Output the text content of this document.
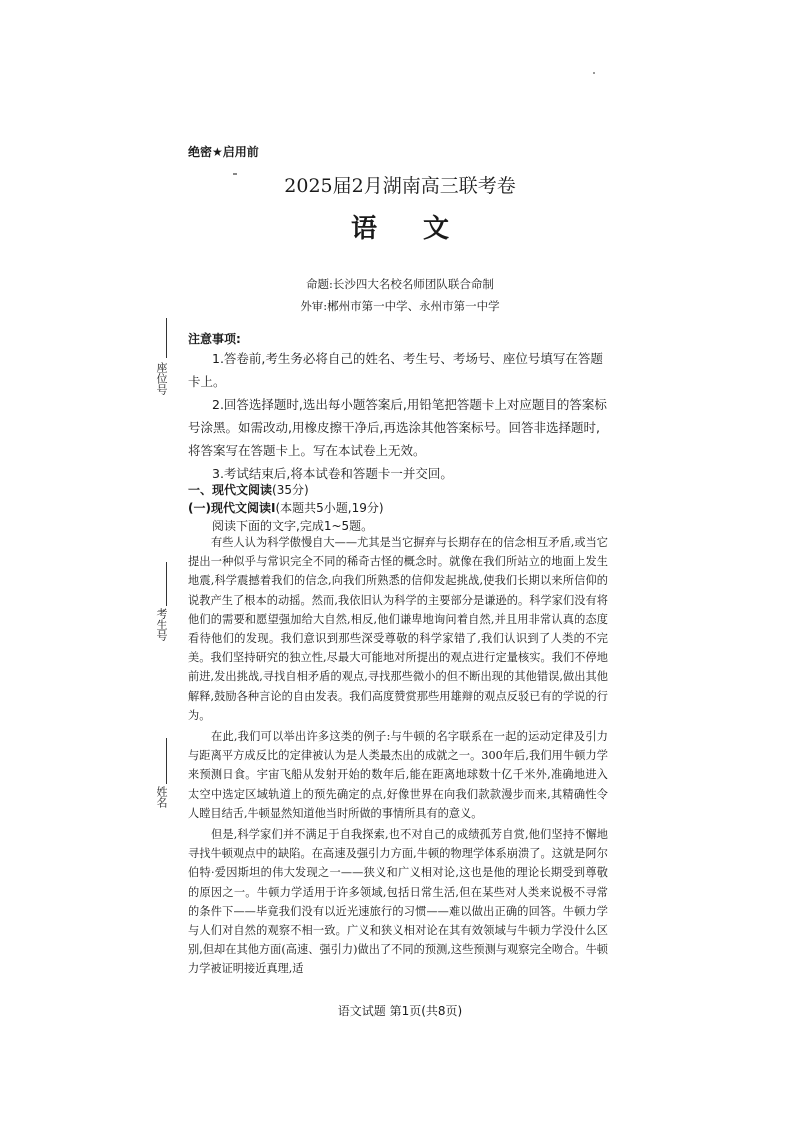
绝密★启用前
2025届2月湖南高三联考卷
语文
命题:长沙四大名校名师团队联合命制
外审:郴州市第一中学、永州市第一中学
注意事项:

1.答卷前,考生务必将自己的姓名、考生号、考场号、座位号填写在答题卡上。

2.回答选择题时,选出每小题答案后,用铅笔把答题卡上对应题目的答案标号涂黑。如需改动,用橡皮擦干净后,再选涂其他答案标号。回答非选择题时,将答案写在答题卡上。写在本试卷上无效。

3.考试结束后,将本试卷和答题卡一并交回。

座位号
考生号
姓名
一、现代文阅读(35分)
(一)现代文阅读Ⅰ(本题共5小题,19分)
阅读下面的文字,完成1~5题。

有些人认为科学傲慢自大——尤其是当它摒弃与长期存在的信念相互矛盾,或当它提出一种似乎与常识完全不同的稀奇古怪的概念时。就像在我们所站立的地面上发生地震,科学震撼着我们的信念,向我们所熟悉的信仰发起挑战,使我们长期以来所信仰的说教产生了根本的动摇。然而,我依旧认为科学的主要部分是谦逊的。科学家们没有将他们的需要和愿望强加给大自然,相反,他们谦卑地询问着自然,并且用非常认真的态度看待他们的发现。我们意识到那些深受尊敬的科学家错了,我们认识到了人类的不完美。我们坚持研究的独立性,尽最大可能地对所提出的观点进行定量核实。我们不停地前进,发出挑战,寻找自相矛盾的观点,寻找那些微小的但不断出现的其他错误,做出其他解释,鼓励各种言论的自由发表。我们高度赞赏那些用雄辩的观点反驳已有的学说的行为。

在此,我们可以举出许多这类的例子:与牛顿的名字联系在一起的运动定律及引力与距离平方成反比的定律被认为是人类最杰出的成就之一。300年后,我们用牛顿力学来预测日食。宇宙飞船从发射开始的数年后,能在距离地球数十亿千米外,准确地进入太空中选定区域轨道上的预先确定的点,好像世界在向我们款款漫步而来,其精确性令人瞠目结舌,牛顿显然知道他当时所做的事情所具有的意义。

但是,科学家们并不满足于自我探索,也不对自己的成绩孤芳自赏,他们坚持不懈地寻找牛顿观点中的缺陷。在高速及强引力方面,牛顿的物理学体系崩溃了。这就是阿尔伯特·爱因斯坦的伟大发现之一——狭义和广义相对论,这也是他的理论长期受到尊敬的原因之一。牛顿力学适用于许多领域,包括日常生活,但在某些对人类来说极不寻常的条件下——毕竟我们没有以近光速旅行的习惯——难以做出正确的回答。牛顿力学与人们对自然的观察不相一致。广义和狭义相对论在其有效领域与牛顿力学没什么区别,但却在其他方面(高速、强引力)做出了不同的预测,这些预测与观察完全吻合。牛顿力学被证明接近真理,适

语文试题 第1页(共8页)
